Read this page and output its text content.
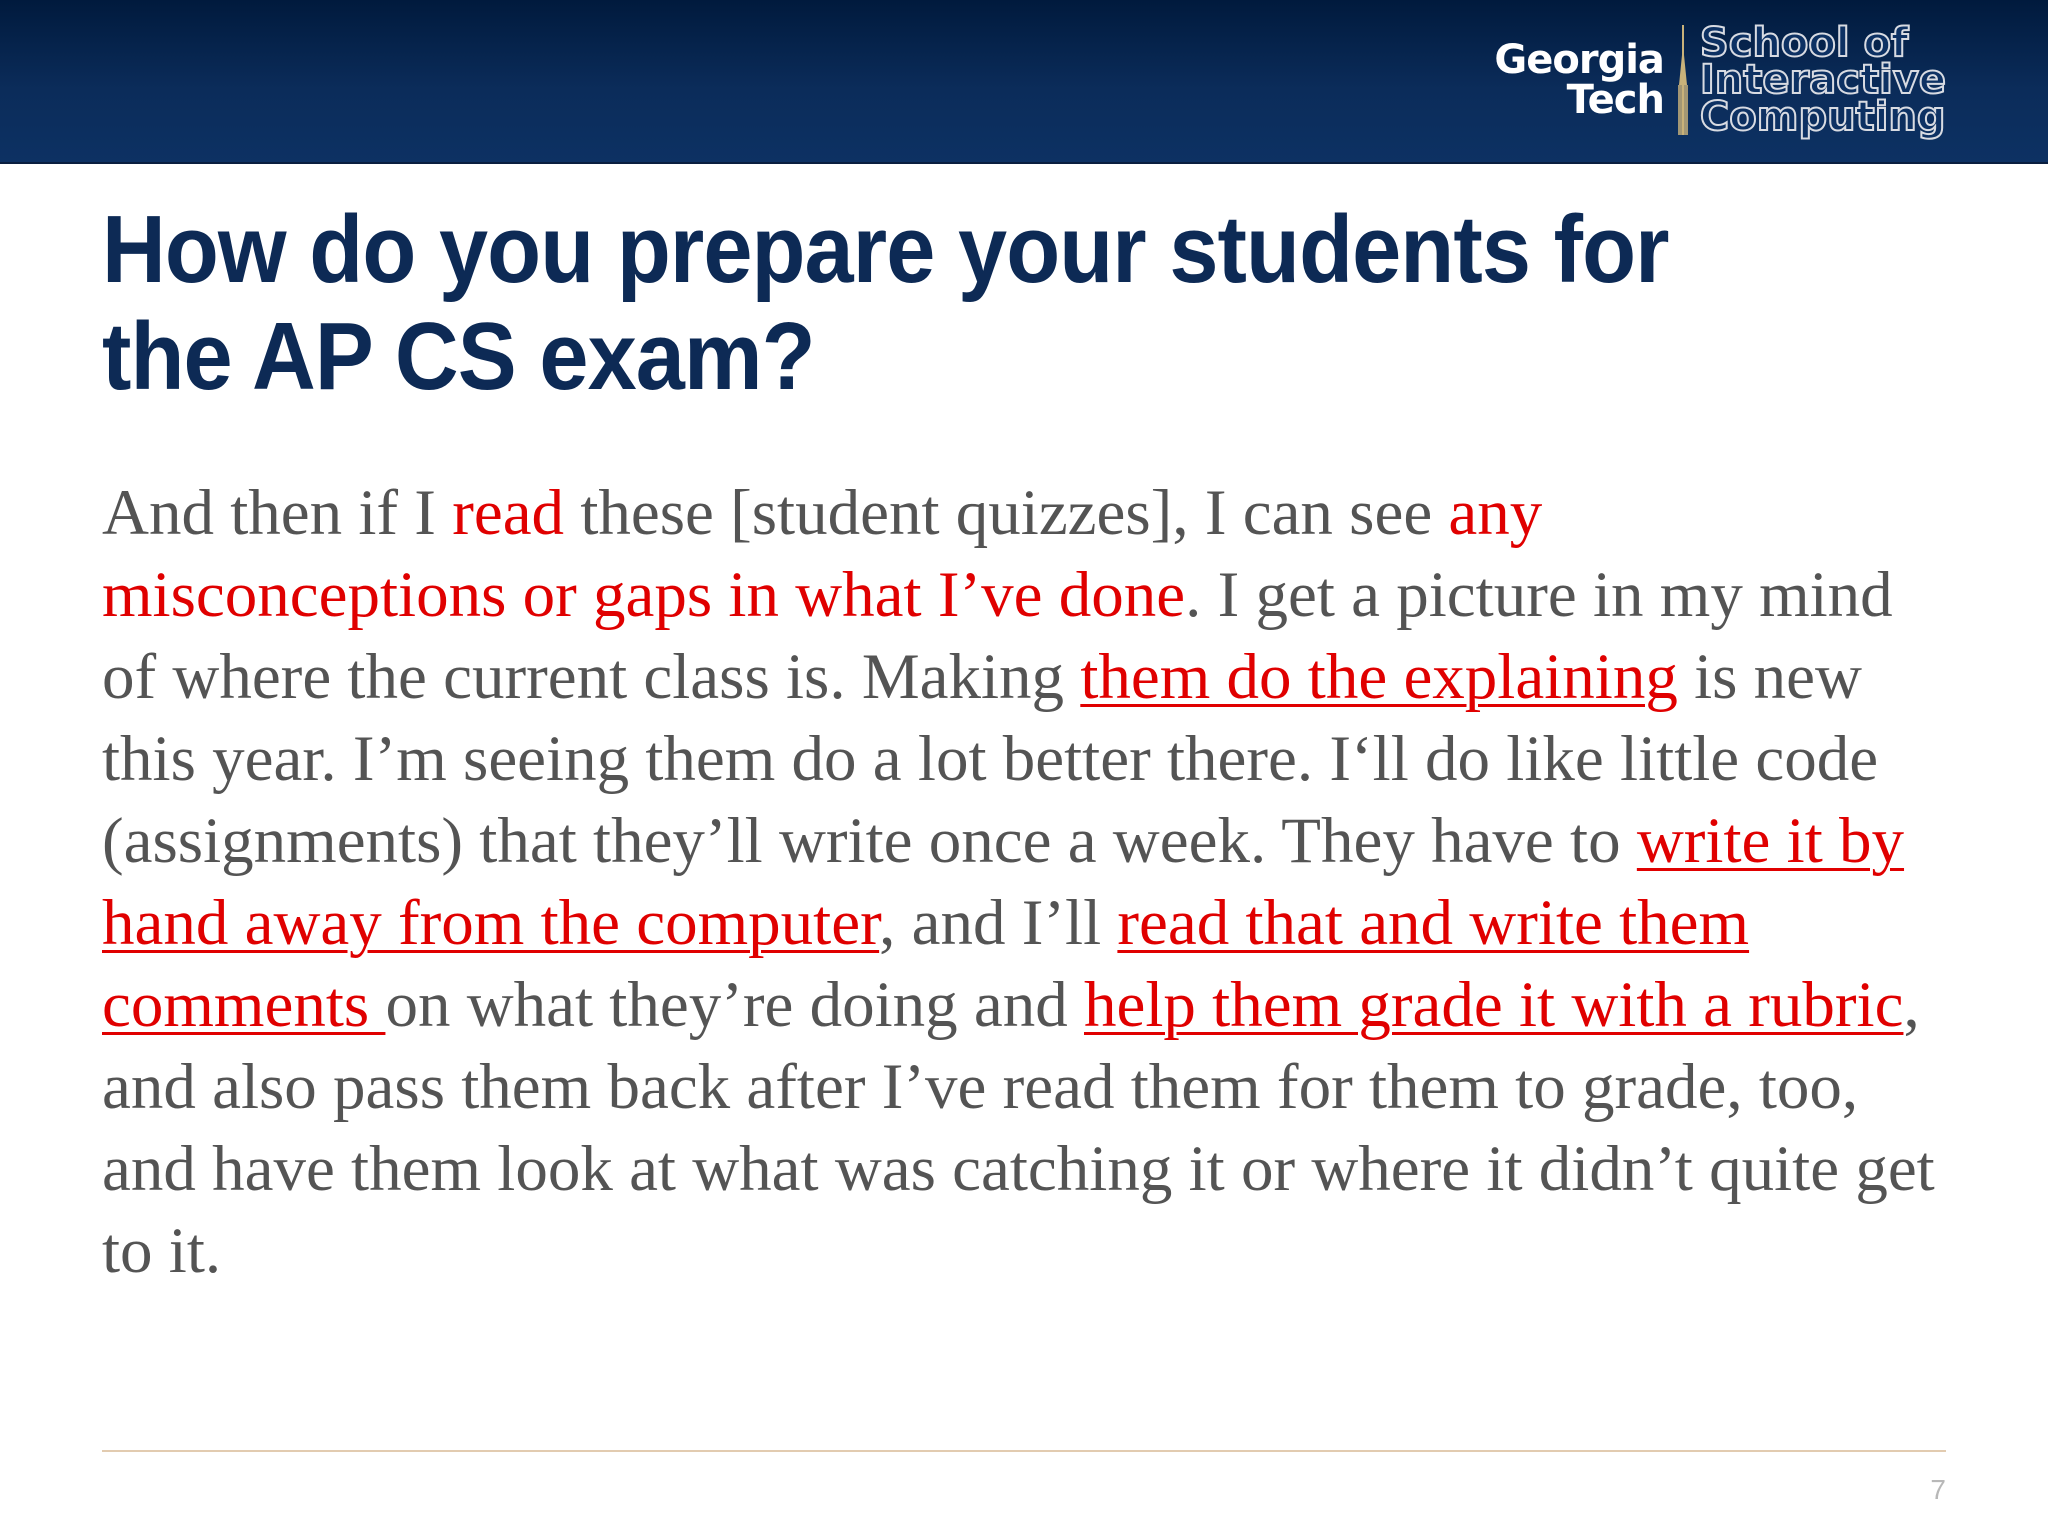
Georgia
Tech
School of
Interactive
Computing
How do you prepare your students for the AP CS exam?

And then if I read these [student quizzes], I can see any misconceptions or gaps in what I’ve done. I get a picture in my mind of where the current class is. Making them do the explaining is new this year. I’m seeing them do a lot better there. I‘ll do like little code (assignments) that they’ll write once a week. They have to write it by hand away from the computer, and I’ll read that and write them comments on what they’re doing and help them grade it with a rubric, and also pass them back after I’ve read them for them to grade, too, and have them look at what was catching it or where it didn’t quite get to it.

7
